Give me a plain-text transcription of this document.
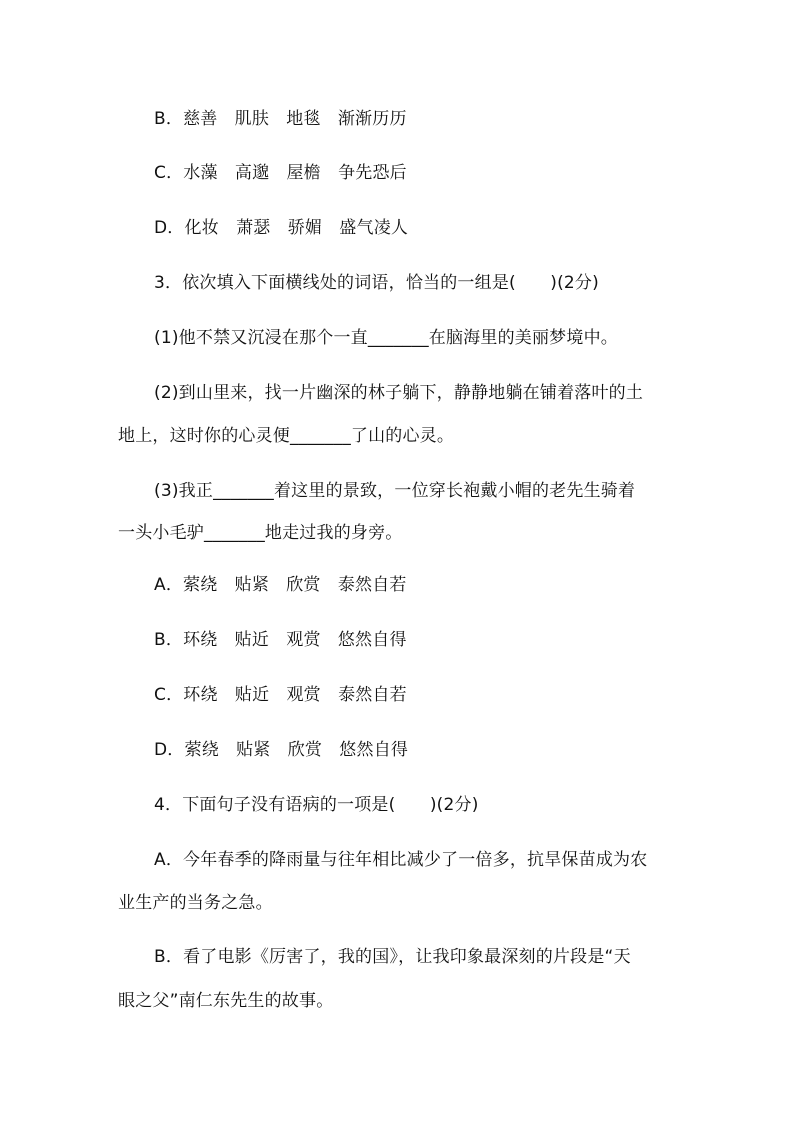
B．慈善　肌肤　地毯　渐渐历历
C．水藻　高邈　屋檐　争先恐后
D．化妆　萧瑟　骄媚　盛气凌人
3．依次填入下面横线处的词语，恰当的一组是(　　)(2分)
(1)他不禁又沉浸在那个一直_______在脑海里的美丽梦境中。
(2)到山里来，找一片幽深的林子躺下，静静地躺在铺着落叶的土
地上，这时你的心灵便_______了山的心灵。
(3)我正_______着这里的景致，一位穿长袍戴小帽的老先生骑着
一头小毛驴_______地走过我的身旁。
A．萦绕　贴紧　欣赏　泰然自若
B．环绕　贴近　观赏　悠然自得
C．环绕　贴近　观赏　泰然自若
D．萦绕　贴紧　欣赏　悠然自得
4．下面句子没有语病的一项是(　　)(2分)
A．今年春季的降雨量与往年相比减少了一倍多，抗旱保苗成为农
业生产的当务之急。
B．看了电影《厉害了，我的国》，让我印象最深刻的片段是“天
眼之父”南仁东先生的故事。
